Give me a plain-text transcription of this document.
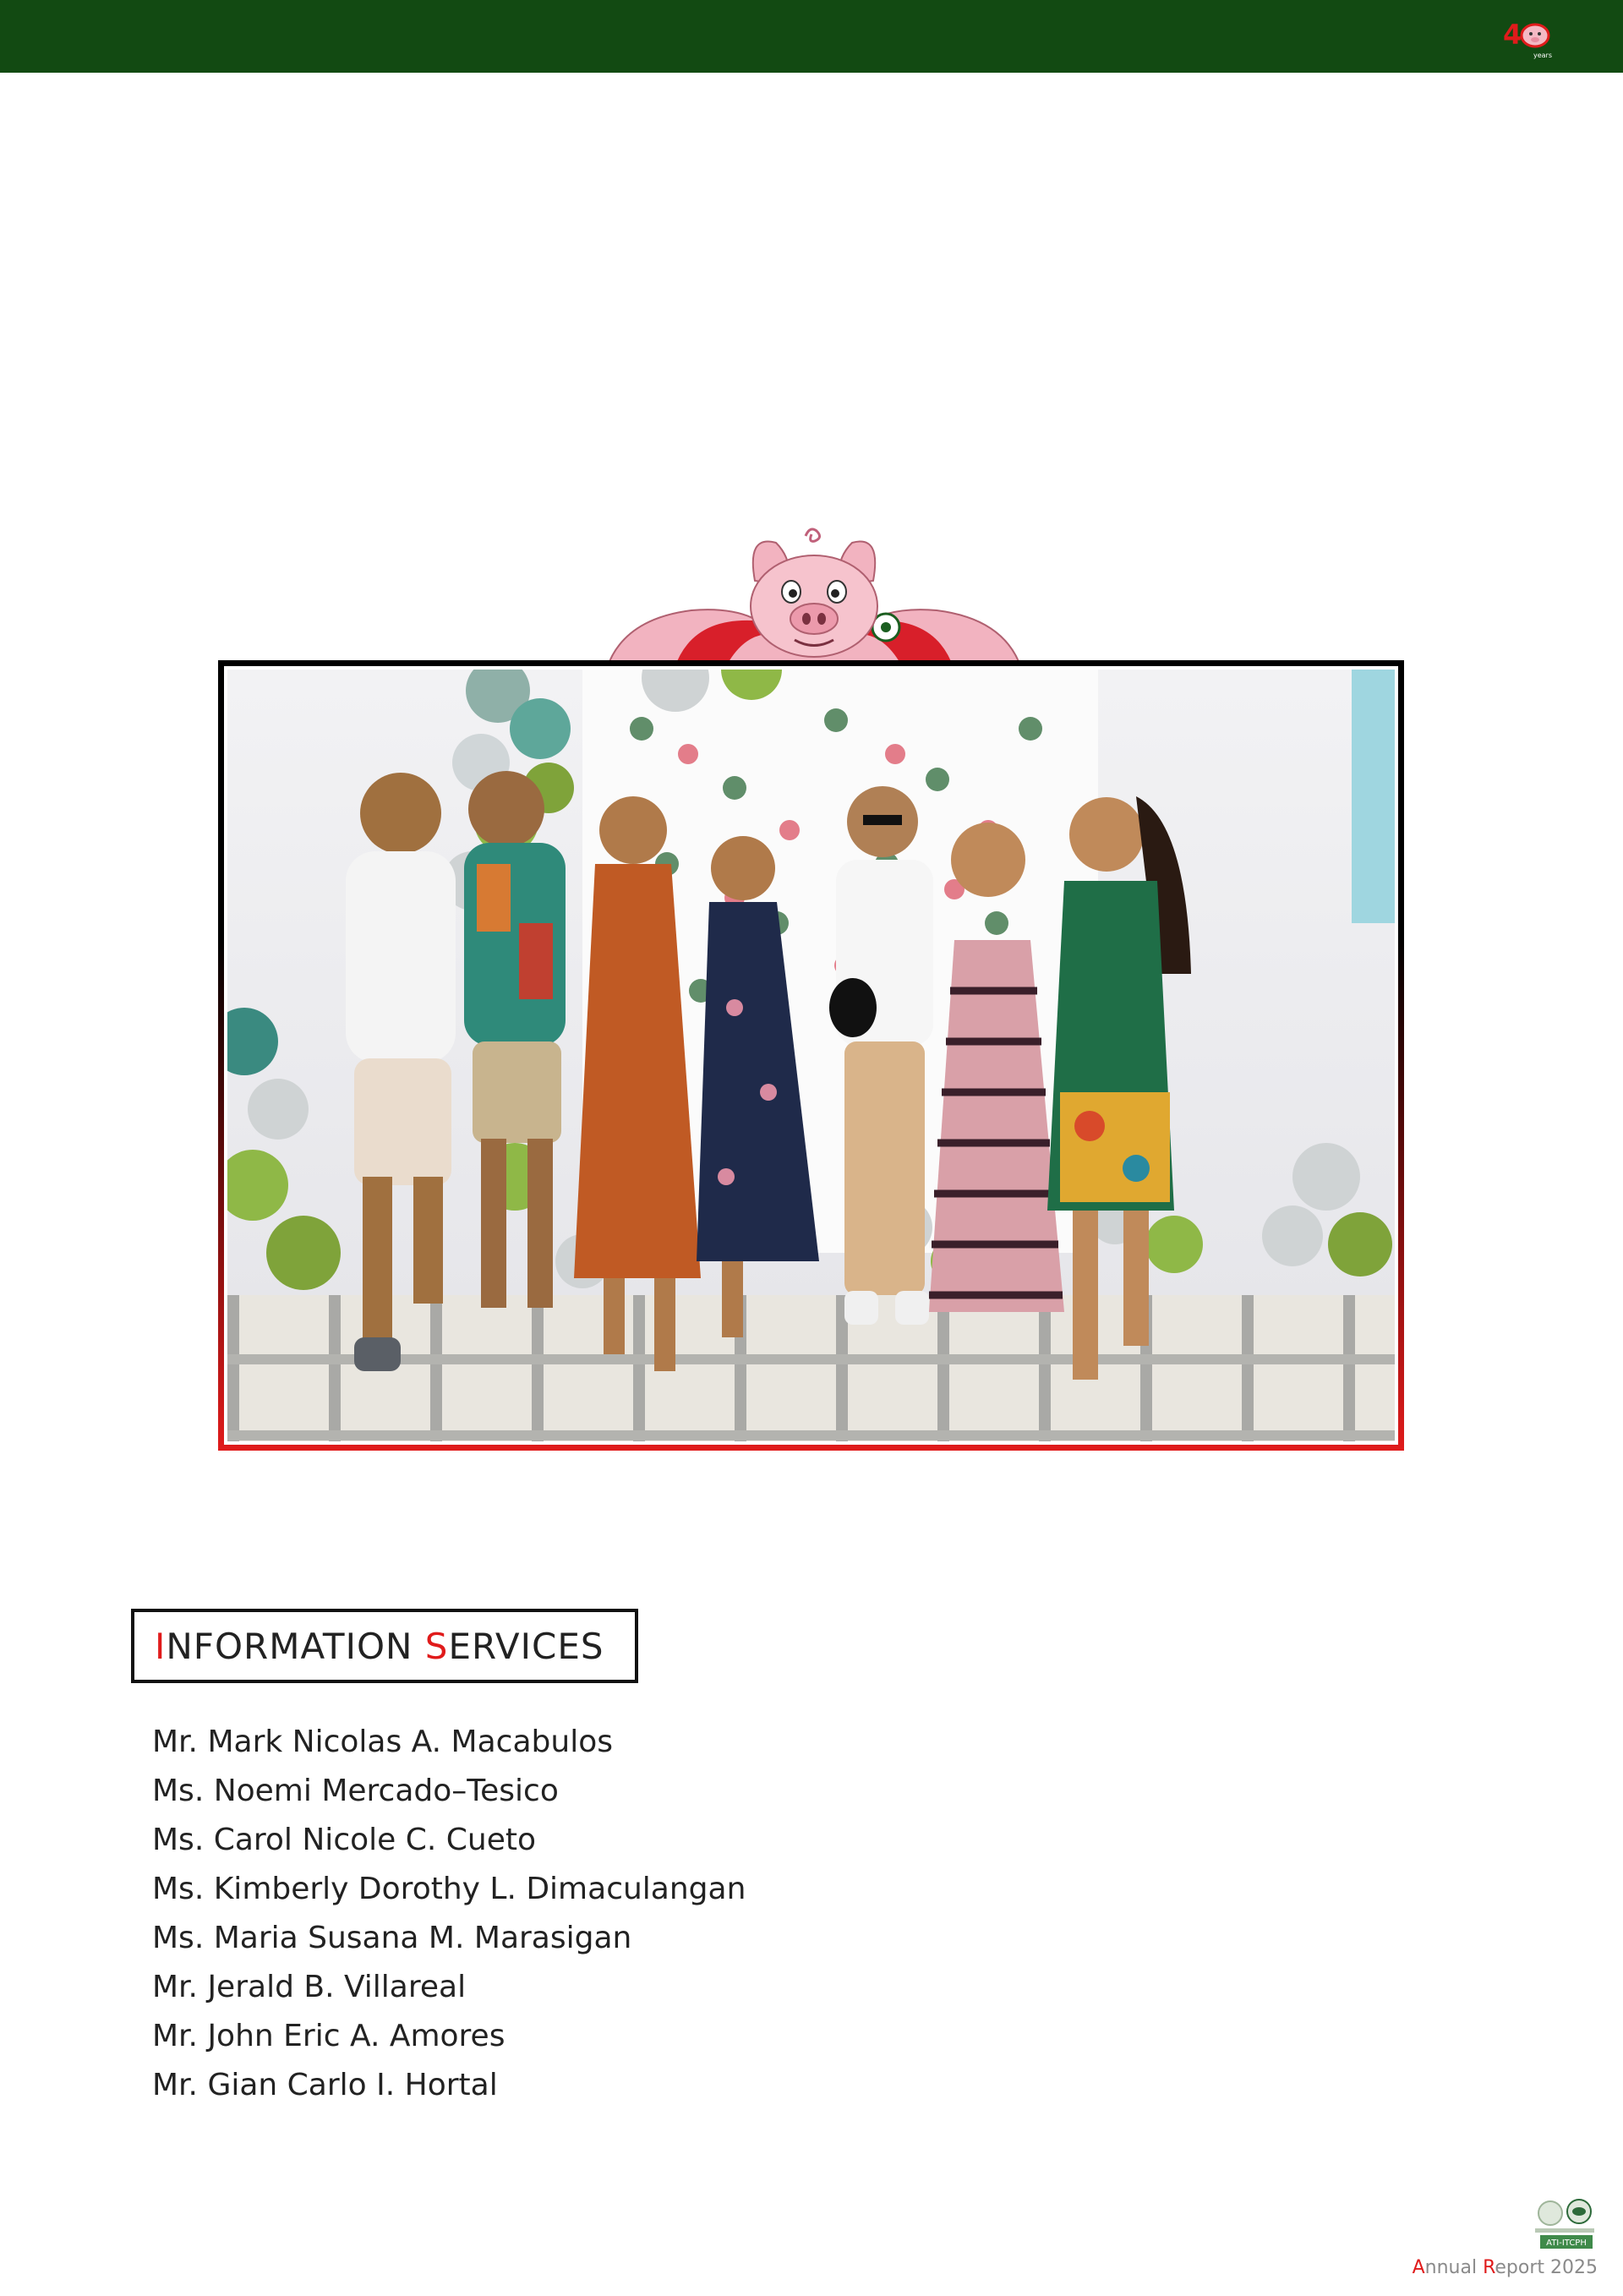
4
years
I NFORMATION S ERVICES
Mr. Mark Nicolas A. Macabulos
Ms. Noemi Mercado–Tesico
Ms. Carol Nicole C. Cueto
Ms. Kimberly Dorothy L. Dimaculangan
Ms. Maria Susana M. Marasigan
Mr. Jerald B. Villareal
Mr. John Eric A. Amores
Mr. Gian Carlo I. Hortal
ATI-ITCPH
Annual Report 2025
